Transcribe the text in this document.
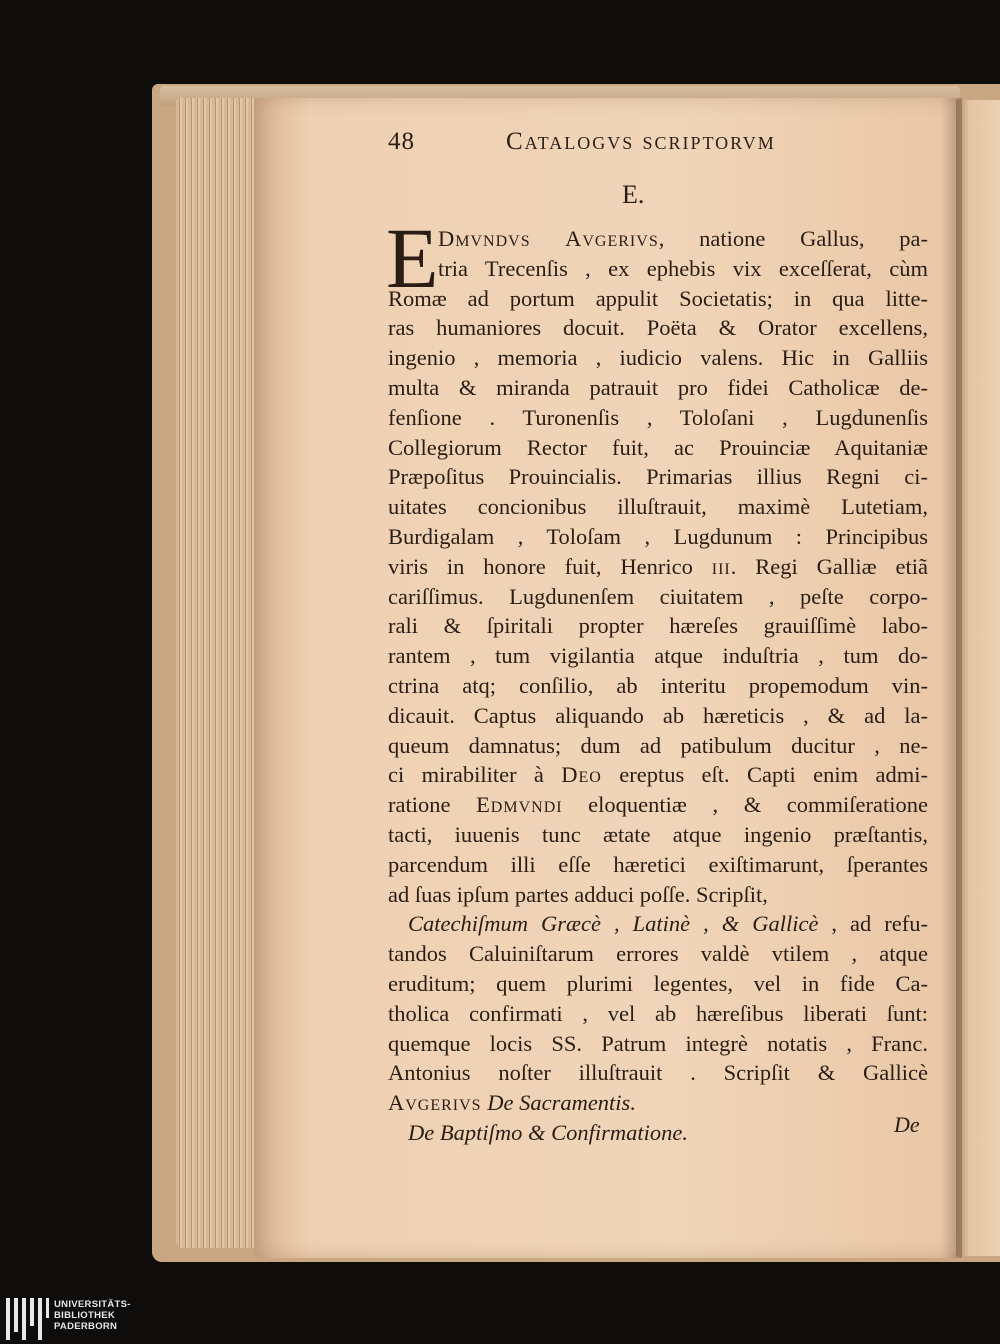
48	Catalogvs scriptorvm
E.
E Dmvndvs Avgerivs, natione Gallus, pa-
tria Trecenſis , ex ephebis vix exceſſerat, cùm
Romæ ad portum appulit Societatis; in qua litte-
ras humaniores docuit. Poëta & Orator excellens,
ingenio , memoria , iudicio valens. Hic in Galliis
multa & miranda patrauit pro fidei Catholicæ de-
fenſione . Turonenſis , Toloſani , Lugdunenſis
Collegiorum Rector fuit, ac Prouinciæ Aquitaniæ
Præpoſitus Prouincialis. Primarias illius Regni ci-
uitates concionibus illuſtrauit, maximè Lutetiam,
Burdigalam , Toloſam , Lugdunum : Principibus
viris in honore fuit, Henrico iii. Regi Galliæ etiã
cariſſimus. Lugdunenſem ciuitatem , peſte corpo-
rali & ſpiritali propter hæreſes grauiſſimè labo-
rantem , tum vigilantia atque induſtria , tum do-
ctrina atq; conſilio, ab interitu propemodum vin-
dicauit. Captus aliquando ab hæreticis , & ad la-
queum damnatus; dum ad patibulum ducitur , ne-
ci mirabiliter à Deo ereptus eſt. Capti enim admi-
ratione Edmvndi eloquentiæ , & commiſeratione
tacti, iuuenis tunc ætate atque ingenio præſtantis,
parcendum illi eſſe hæretici exiſtimarunt, ſperantes
ad ſuas ipſum partes adduci poſſe. Scripſit,
Catechiſmum Græcè , Latinè , & Gallicè , ad refu-
tandos Caluiniſtarum errores valdè vtilem , atque
eruditum; quem plurimi legentes, vel in fide Ca-
tholica confirmati , vel ab hæreſibus liberati ſunt:
quemque locis SS. Patrum integrè notatis , Franc.
Antonius noſter illuſtrauit . Scripſit & Gallicè
Avgerivs De Sacramentis.
De Baptiſmo & Confirmatione.	De
UNIVERSITÄTS-
BIBLIOTHEK
PADERBORN
